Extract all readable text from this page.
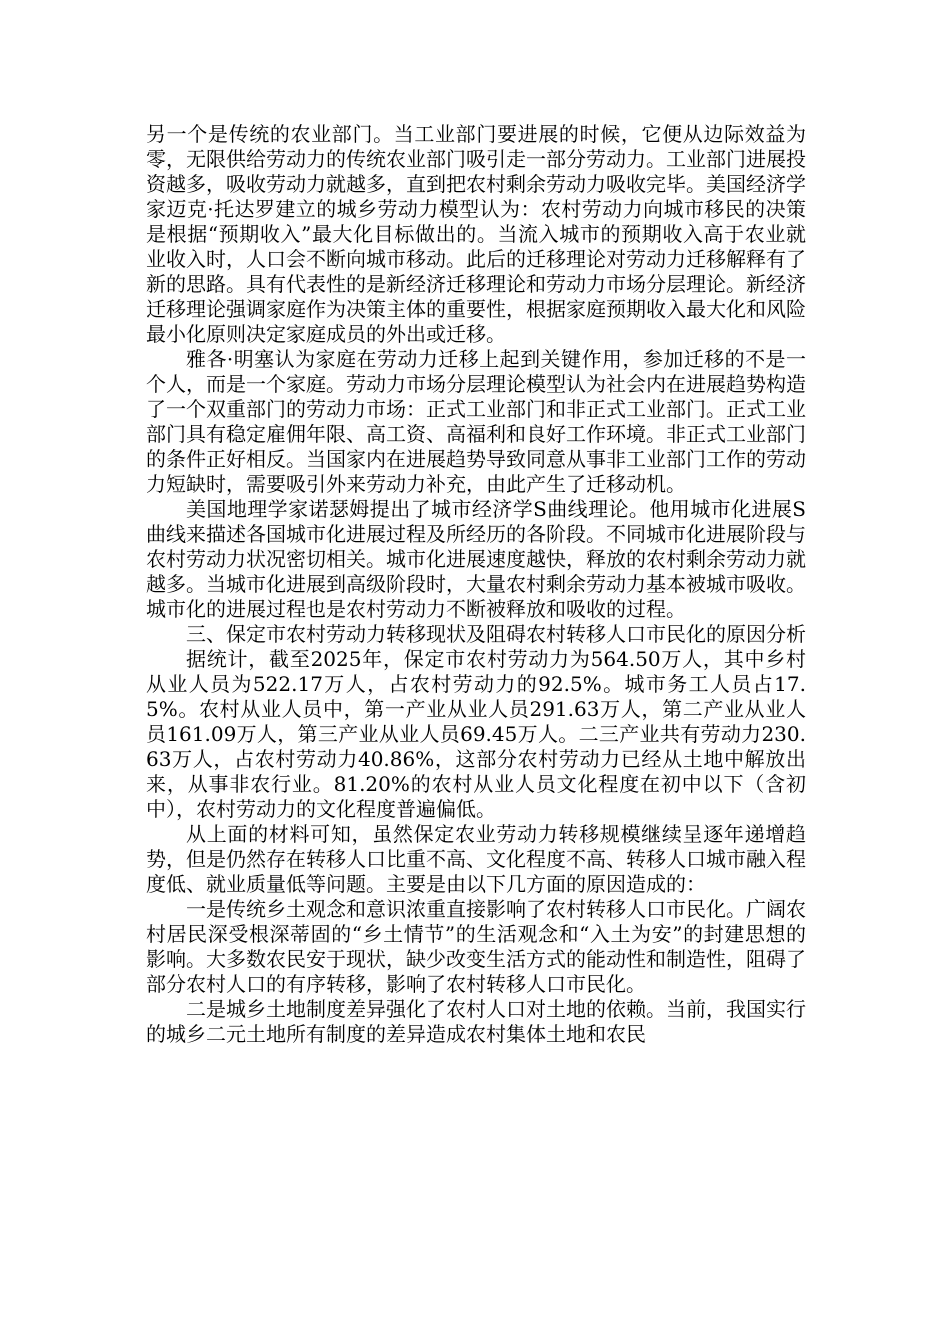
另一个是传统的农业部门。当工业部门要进展的时候，它便从边际效益为零，无限供给劳动力的传统农业部门吸引走一部分劳动力。工业部门进展投资越多，吸收劳动力就越多，直到把农村剩余劳动力吸收完毕。美国经济学家迈克·托达罗建立的城乡劳动力模型认为：农村劳动力向城市移民的决策是根据“预期收入”最大化目标做出的。当流入城市的预期收入高于农业就业收入时，人口会不断向城市移动。此后的迁移理论对劳动力迁移解释有了新的思路。具有代表性的是新经济迁移理论和劳动力市场分层理论。新经济迁移理论强调家庭作为决策主体的重要性，根据家庭预期收入最大化和风险最小化原则决定家庭成员的外出或迁移。

雅各·明塞认为家庭在劳动力迁移上起到关键作用，参加迁移的不是一个人，而是一个家庭。劳动力市场分层理论模型认为社会内在进展趋势构造了一个双重部门的劳动力市场：正式工业部门和非正式工业部门。正式工业部门具有稳定雇佣年限、高工资、高福利和良好工作环境。非正式工业部门的条件正好相反。当国家内在进展趋势导致同意从事非工业部门工作的劳动力短缺时，需要吸引外来劳动力补充，由此产生了迁移动机。

美国地理学家诺瑟姆提出了城市经济学S曲线理论。他用城市化进展S曲线来描述各国城市化进展过程及所经历的各阶段。不同城市化进展阶段与农村劳动力状况密切相关。城市化进展速度越快，释放的农村剩余劳动力就越多。当城市化进展到高级阶段时，大量农村剩余劳动力基本被城市吸收。城市化的进展过程也是农村劳动力不断被释放和吸收的过程。

三、保定市农村劳动力转移现状及阻碍农村转移人口市民化的原因分析

据统计，截至2025年，保定市农村劳动力为564.50万人，其中乡村从业人员为522.17万人，占农村劳动力的92.5%。城市务工人员占17.5%。农村从业人员中，第一产业从业人员291.63万人，第二产业从业人员161.09万人，第三产业从业人员69.45万人。二三产业共有劳动力230.63万人，占农村劳动力40.86%，这部分农村劳动力已经从土地中解放出来，从事非农行业。81.20%的农村从业人员文化程度在初中以下（含初中），农村劳动力的文化程度普遍偏低。

从上面的材料可知，虽然保定农业劳动力转移规模继续呈逐年递增趋势，但是仍然存在转移人口比重不高、文化程度不高、转移人口城市融入程度低、就业质量低等问题。主要是由以下几方面的原因造成的：

一是传统乡土观念和意识浓重直接影响了农村转移人口市民化。广阔农村居民深受根深蒂固的“乡土情节”的生活观念和“入土为安”的封建思想的影响。大多数农民安于现状，缺少改变生活方式的能动性和制造性，阻碍了部分农村人口的有序转移，影响了农村转移人口市民化。

二是城乡土地制度差异强化了农村人口对土地的依赖。当前，我国实行的城乡二元土地所有制度的差异造成农村集体土地和农民
